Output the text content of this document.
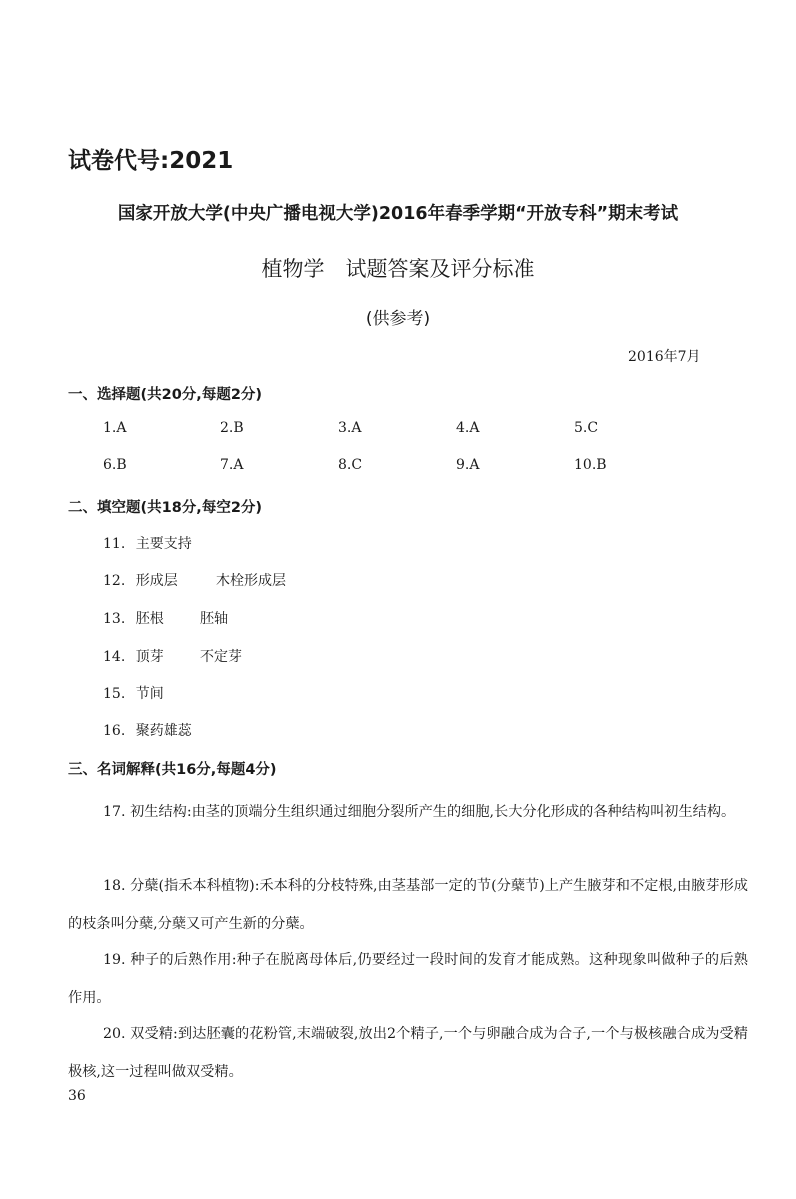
试卷代号:2021
国家开放大学(中央广播电视大学)2016年春季学期“开放专科”期末考试
植物学　试题答案及评分标准
(供参考)
2016年7月
一、选择题(共20分,每题2分)
1.A	2.B	3.A	4.A	5.C
6.B	7.A	8.C	9.A	10.B
二、填空题(共18分,每空2分)
11. 主要支持
12. 形成层	木栓形成层
13. 胚根	胚轴
14. 顶芽	不定芽
15. 节间
16. 聚药雄蕊
三、名词解释(共16分,每题4分)
17. 初生结构:由茎的顶端分生组织通过细胞分裂所产生的细胞,长大分化形成的各种结构叫初生结构。
18. 分蘖(指禾本科植物):禾本科的分枝特殊,由茎基部一定的节(分蘖节)上产生腋芽和不定根,由腋芽形成的枝条叫分蘖,分蘖又可产生新的分蘖。
19. 种子的后熟作用:种子在脱离母体后,仍要经过一段时间的发育才能成熟。这种现象叫做种子的后熟作用。
20. 双受精:到达胚囊的花粉管,末端破裂,放出2个精子,一个与卵融合成为合子,一个与极核融合成为受精极核,这一过程叫做双受精。
36
